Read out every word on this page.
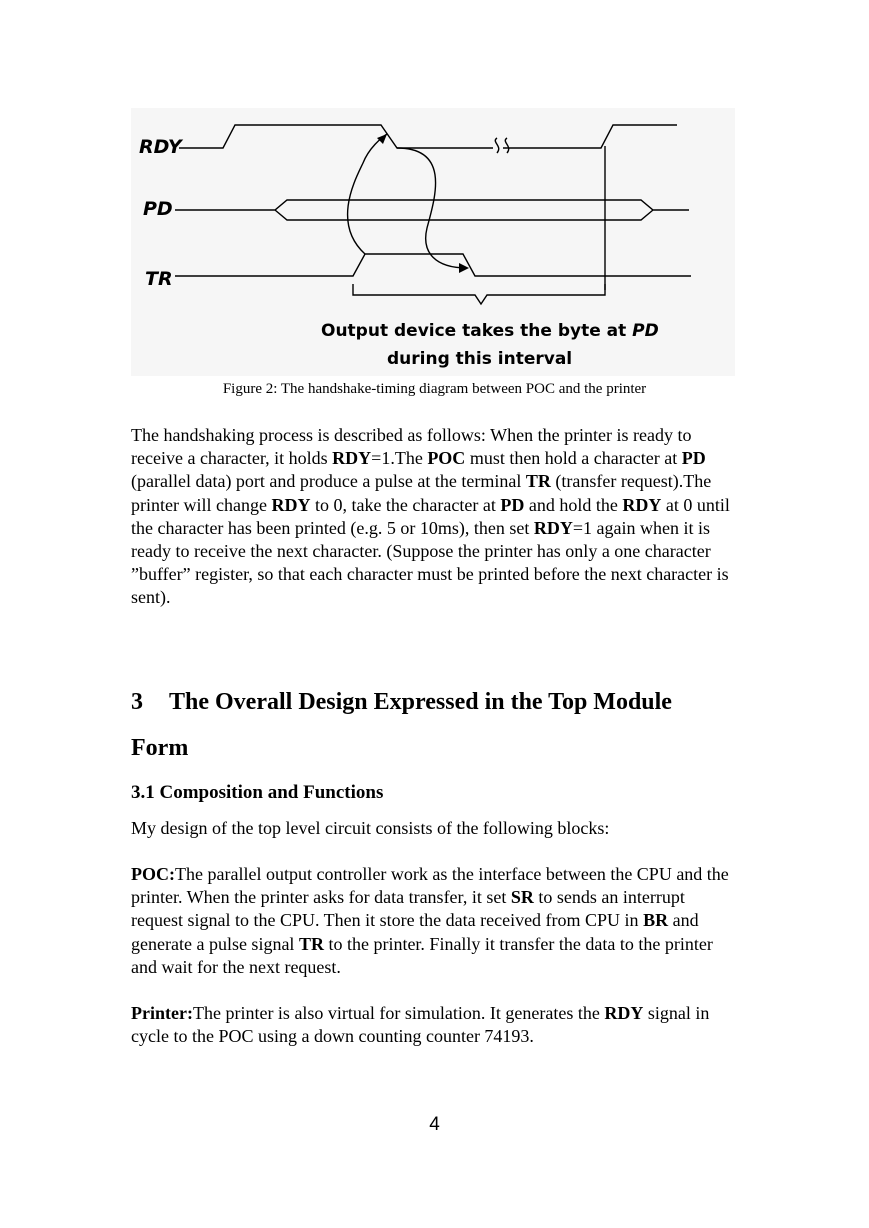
RDY
PD
TR
Output device takes the byte at PD
during this interval
Figure 2: The handshake-timing diagram between POC and the printer

The handshaking process is described as follows: When the printer is ready to receive a character, it holds RDY=1.The POC must then hold a character at PD (parallel data) port and produce a pulse at the terminal TR (transfer request).The printer will change RDY to 0, take the character at PD and hold the RDY at 0 until the character has been printed (e.g. 5 or 10ms), then set RDY=1 again when it is ready to receive the next character. (Suppose the printer has only a one character ”buffer” register, so that each character must be printed before the next character is sent).

3 The Overall Design Expressed in the Top Module
Form
3.1 Composition and Functions

My design of the top level circuit consists of the following blocks:

POC:The parallel output controller work as the interface between the CPU and the printer. When the printer asks for data transfer, it set SR to sends an interrupt request signal to the CPU. Then it store the data received from CPU in BR and generate a pulse signal TR to the printer. Finally it transfer the data to the printer and wait for the next request.

Printer:The printer is also virtual for simulation. It generates the RDY signal in cycle to the POC using a down counting counter 74193.

4
